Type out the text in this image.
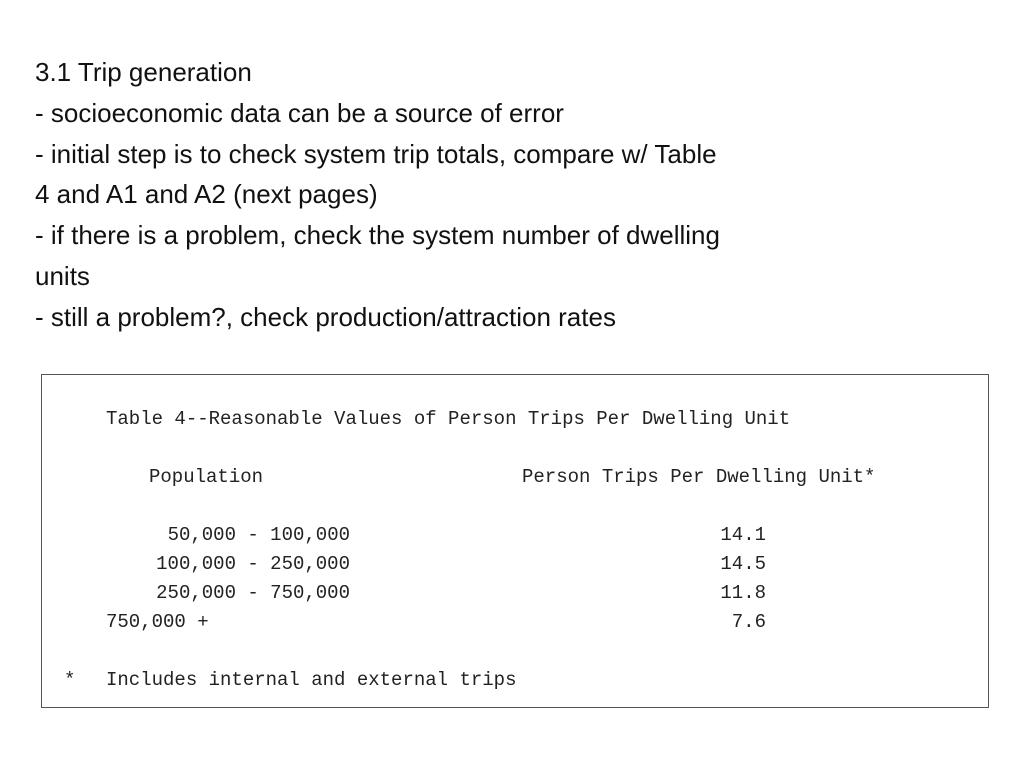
3.1 Trip generation
- socioeconomic data can be a source of error
- initial step is to check system trip totals, compare w/ Table
4 and A1 and A2 (next pages)
- if there is a problem, check the system number of dwelling
units
- still a problem?, check production/attraction rates
Table 4--Reasonable Values of Person Trips Per Dwelling Unit
Population	Person Trips Per Dwelling Unit*
50,000 - 100,000	14.1
100,000 - 250,000	14.5
250,000 - 750,000	11.8
750,000 +	7.6
* Includes internal and external trips
